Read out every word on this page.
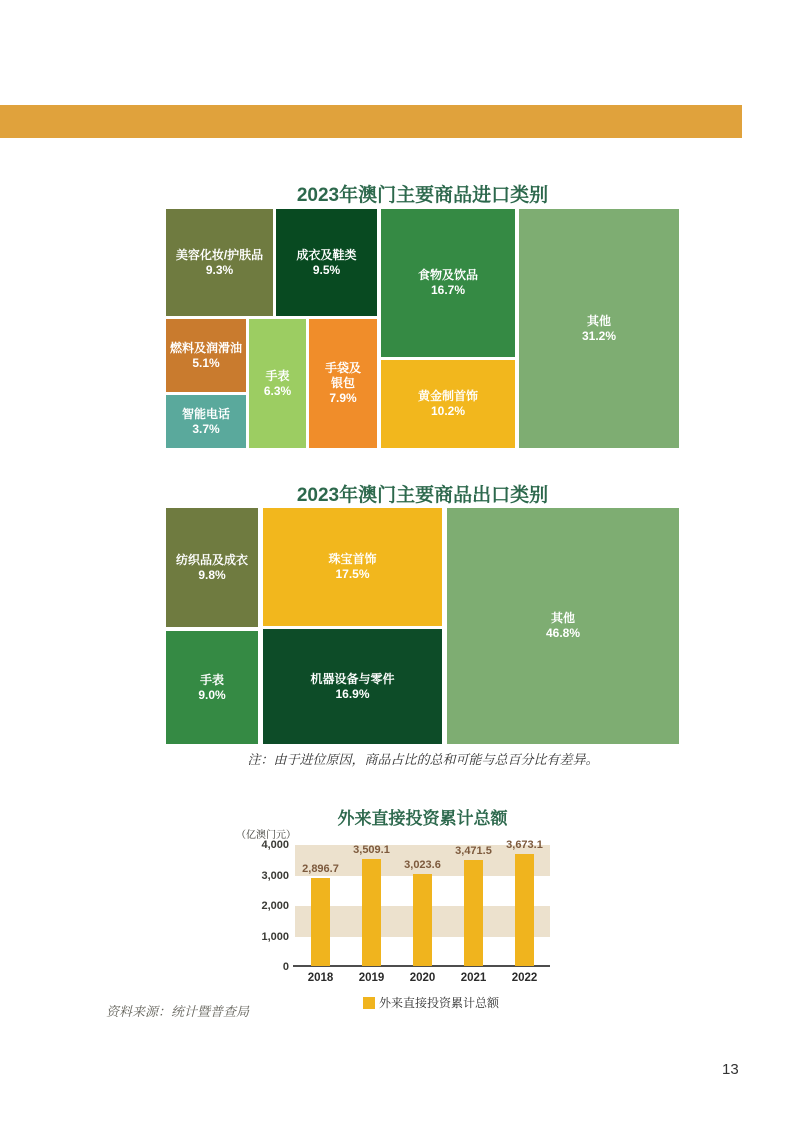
2023年澳门主要商品进口类别
美容化妆/护肤品
9.3%
成衣及鞋类
9.5%	食物及饮品
16.7%
其他
31.2%
燃料及润滑油
5.1%
智能电话
3.7%
手表
6.3%
手袋及
银包
7.9%	黄金制首饰
10.2%
2023年澳门主要商品出口类别
纺织品及成衣
9.8%
珠宝首饰
17.5%
其他
46.8%
手表
9.0%
机器设备与零件
16.9%
注：由于进位原因，商品占比的总和可能与总百分比有差异。
外来直接投资累计总额
（亿澳门元）
4,000
3,000
2,000
1,000
0
2,896.7
2018
3,509.1
2019
3,023.6
2020
3,471.5
2021
3,673.1
2022
外来直接投资累计总额
资料来源：统计暨普查局
13
